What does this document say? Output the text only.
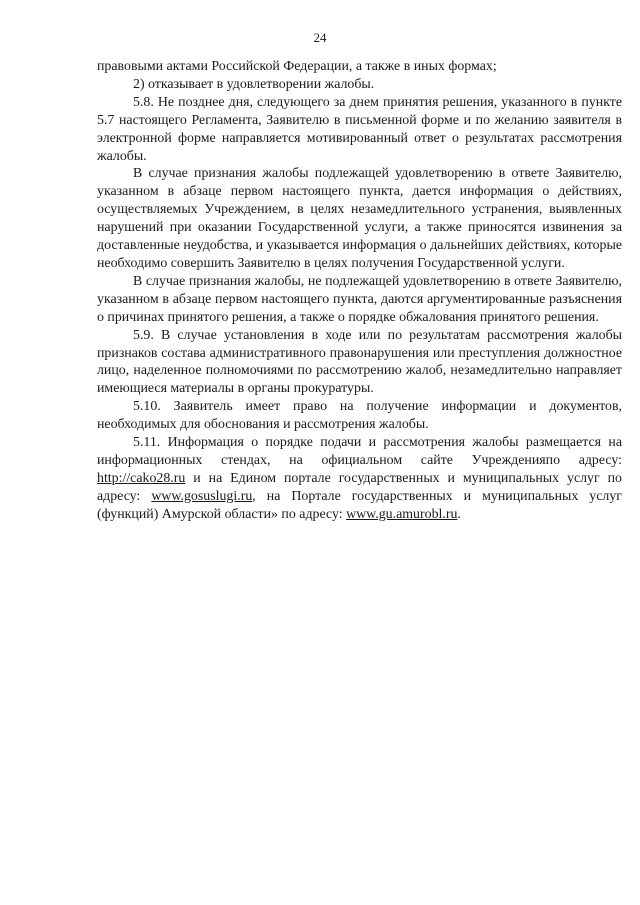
24

правовыми актами Российской Федерации, а также в иных формах;

2) отказывает в удовлетворении жалобы.

5.8. Не позднее дня, следующего за днем принятия решения, указанного в пункте 5.7 настоящего Регламента, Заявителю в письменной форме и по желанию заявителя в электронной форме направляется мотивированный ответ о результатах рассмотрения жалобы.

В случае признания жалобы подлежащей удовлетворению в ответе Заявителю, указанном в абзаце первом настоящего пункта, дается информация о действиях, осуществляемых Учреждением, в целях незамедлительного устранения, выявленных нарушений при оказании Государственной услуги, а также приносятся извинения за доставленные неудобства, и указывается информация о дальнейших действиях, которые необходимо совершить Заявителю в целях получения Государственной услуги.

В случае признания жалобы, не подлежащей удовлетворению в ответе Заявителю, указанном в абзаце первом настоящего пункта, даются аргументированные разъяснения о причинах принятого решения, а также о порядке обжалования принятого решения.

5.9. В случае установления в ходе или по результатам рассмотрения жалобы признаков состава административного правонарушения или преступления должностное лицо, наделенное полномочиями по рассмотрению жалоб, незамедлительно направляет имеющиеся материалы в органы прокуратуры.

5.10. Заявитель имеет право на получение информации и документов, необходимых для обоснования и рассмотрения жалобы.

5.11. Информация о порядке подачи и рассмотрения жалобы размещается на информационных стендах, на официальном сайте Учрежденияпо адресу: http://cako28.ru и на Едином портале государственных и муниципальных услуг по адресу: www.gosuslugi.ru, на Портале государственных и муниципальных услуг (функций) Амурской области» по адресу: www.gu.amurobl.ru.
